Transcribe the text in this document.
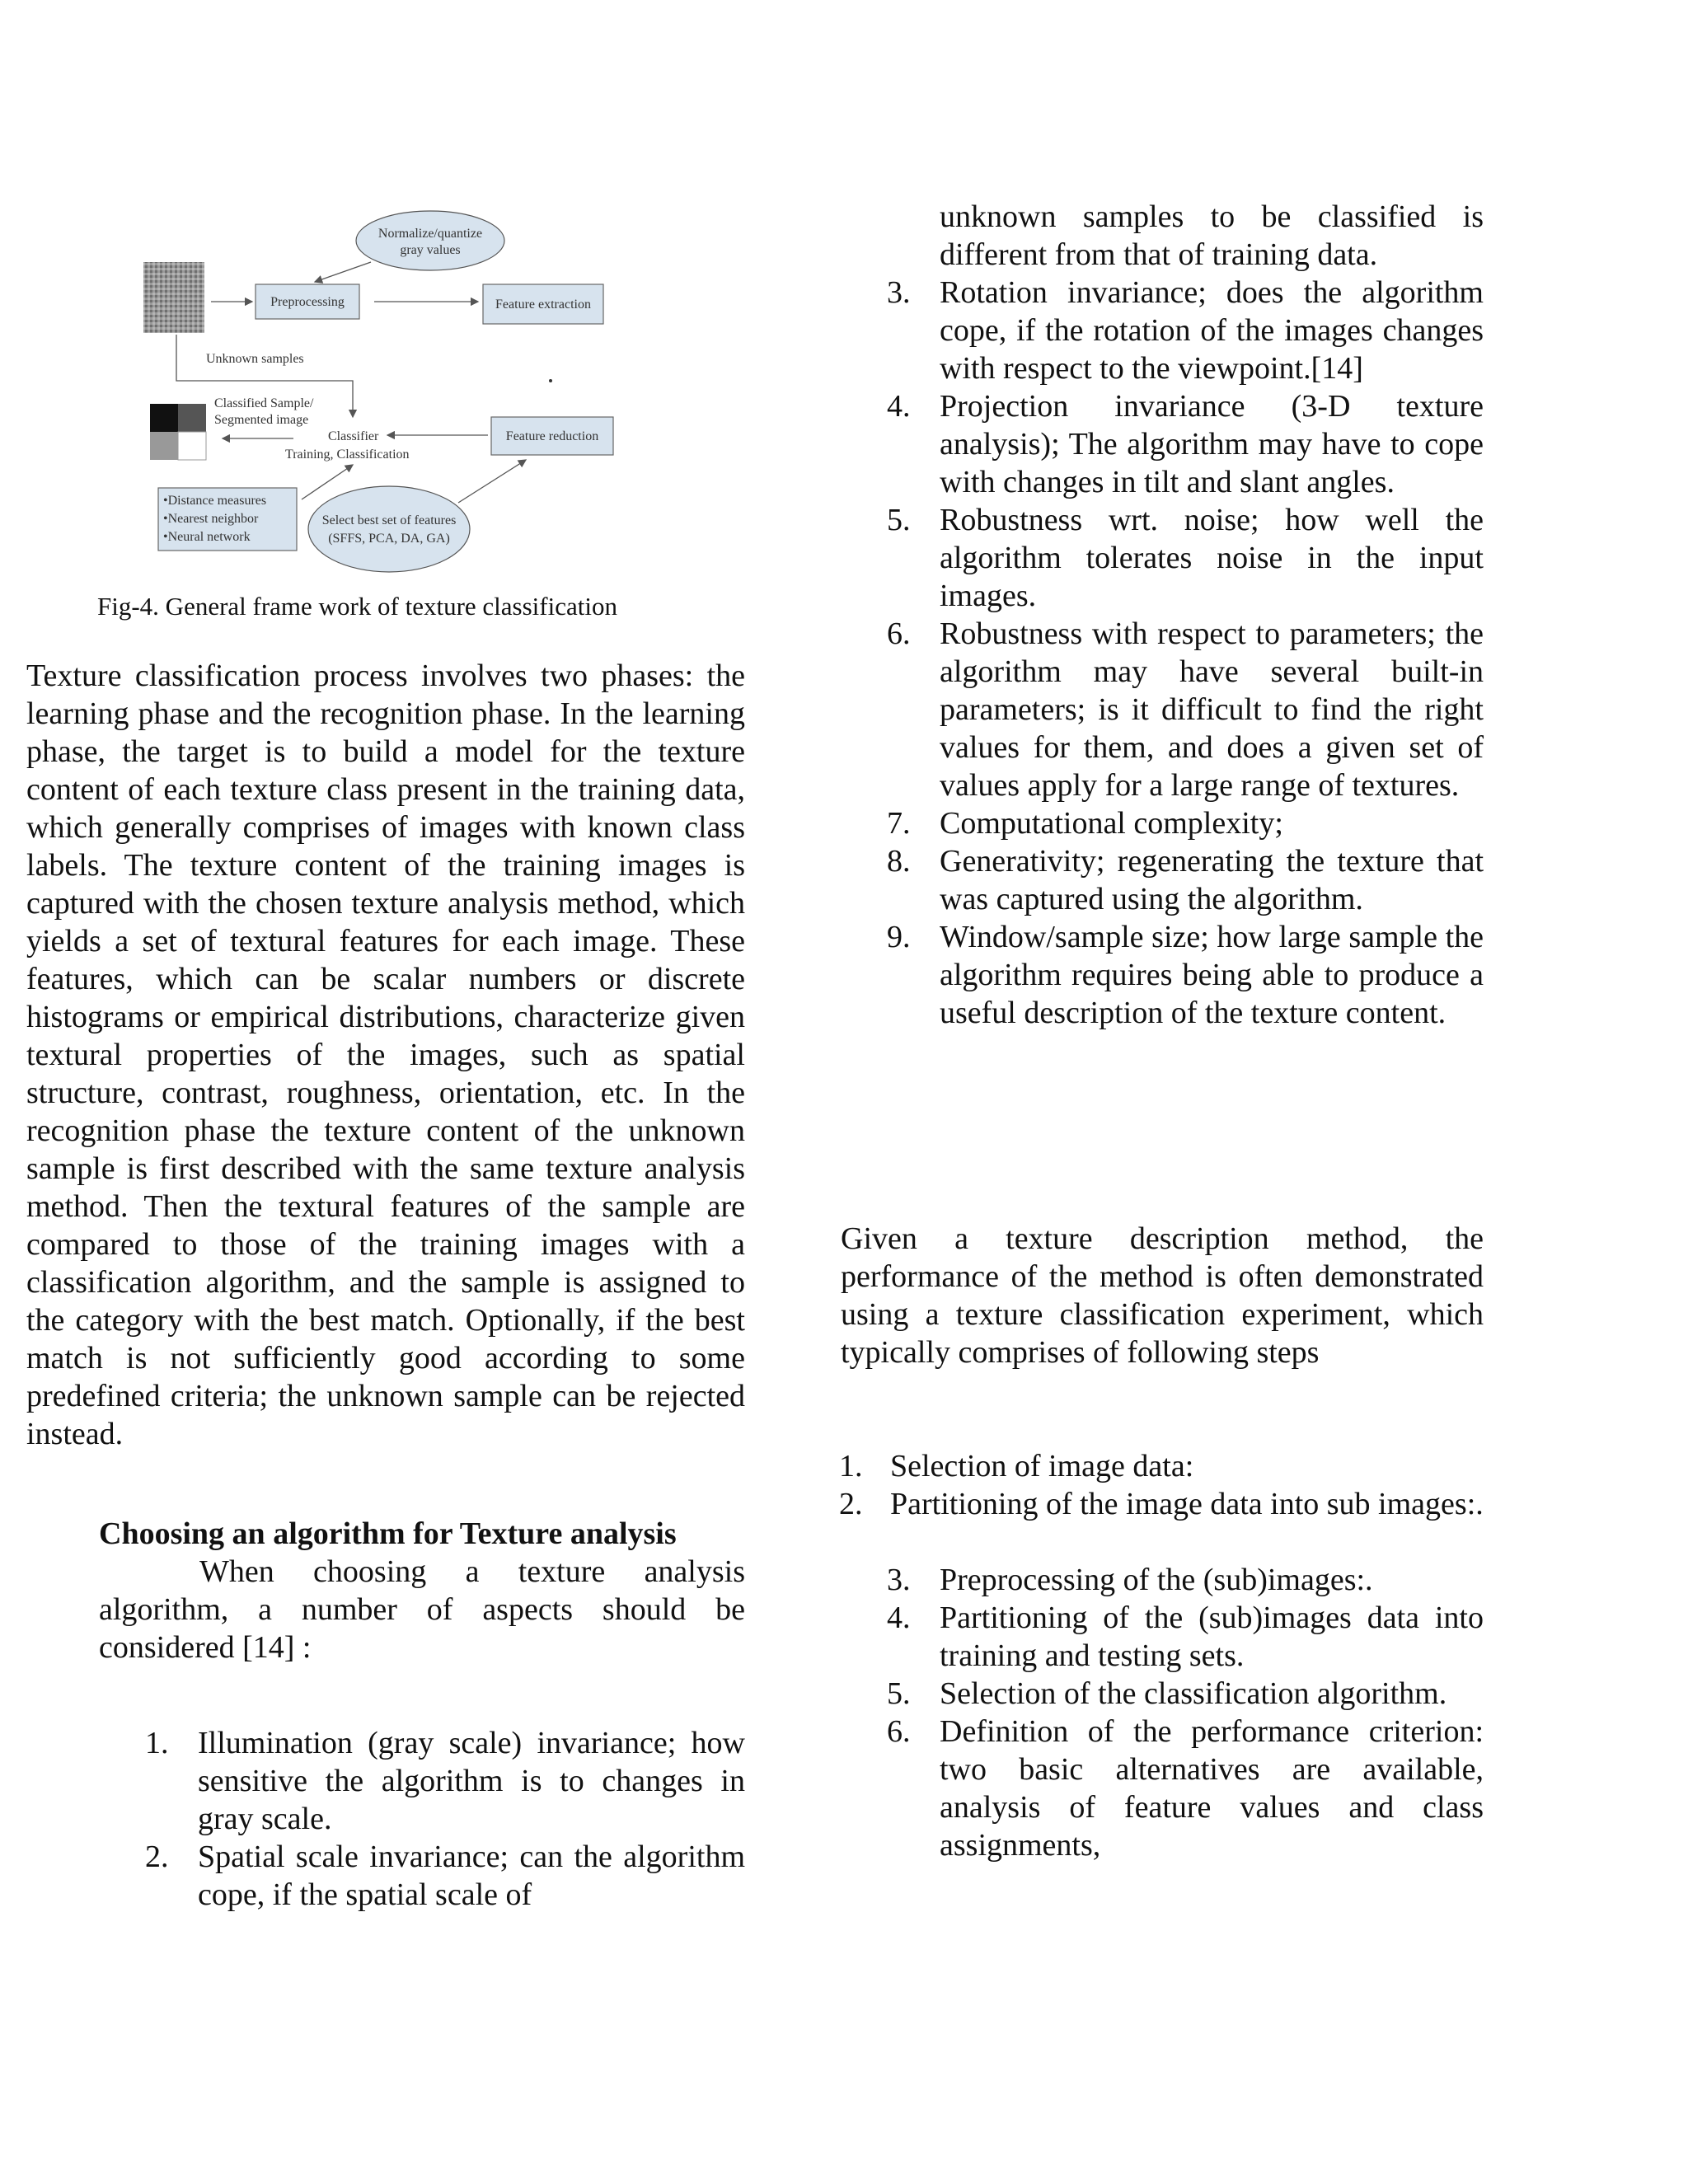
Normalize/quantize
gray values
Preprocessing	Feature extraction
Unknown samples
Classified Sample/
Segmented image
Classifier
Training, Classification
Feature reduction
•Distance measures
•Nearest neighbor
•Neural network
Select best set of features
(SFFS, PCA, DA, GA)
Fig-4. General frame work of texture classification

Texture classification process involves two phases: the learning phase and the recognition phase. In the learning phase, the target is to build a model for the texture content of each texture class present in the training data, which generally comprises of images with known class labels. The texture content of the training images is captured with the chosen texture analysis method, which yields a set of textural features for each image. These features, which can be scalar numbers or discrete histograms or empirical distributions, characterize given textural properties of the images, such as spatial structure, contrast, roughness, orientation, etc. In the recognition phase the texture content of the unknown sample is first described with the same texture analysis method. Then the textural features of the sample are compared to those of the training images with a classification algorithm, and the sample is assigned to the category with the best match. Optionally, if the best match is not sufficiently good according to some predefined criteria; the unknown sample can be rejected instead.

Choosing an algorithm for Texture analysis

When choosing a texture analysis algorithm, a number of aspects should be considered [14] :

1. Illumination (gray scale) invariance; how sensitive the algorithm is to changes in gray scale.
2. Spatial scale invariance; can the algorithm cope, if the spatial scale of

unknown samples to be classified is different from that of training data.

3. Rotation invariance; does the algorithm cope, if the rotation of the images changes with respect to the viewpoint.[14]
4. Projection invariance (3-D texture analysis); The algorithm may have to cope with changes in tilt and slant angles.
5. Robustness wrt. noise; how well the algorithm tolerates noise in the input images.
6. Robustness with respect to parameters; the algorithm may have several built-in parameters; is it difficult to find the right values for them, and does a given set of values apply for a large range of textures.
7. Computational complexity;
8. Generativity; regenerating the texture that was captured using the algorithm.
9. Window/sample size; how large sample the algorithm requires being able to produce a useful description of the texture content.

Given a texture description method, the performance of the method is often demonstrated using a texture classification experiment, which typically comprises of following steps

1. Selection of image data:
2. Partitioning of the image data into sub images:.
3. Preprocessing of the (sub)images:.
4. Partitioning of the (sub)images data into training and testing sets.
5. Selection of the classification algorithm.
6. Definition of the performance criterion: two basic alternatives are available, analysis of feature values and class assignments,
